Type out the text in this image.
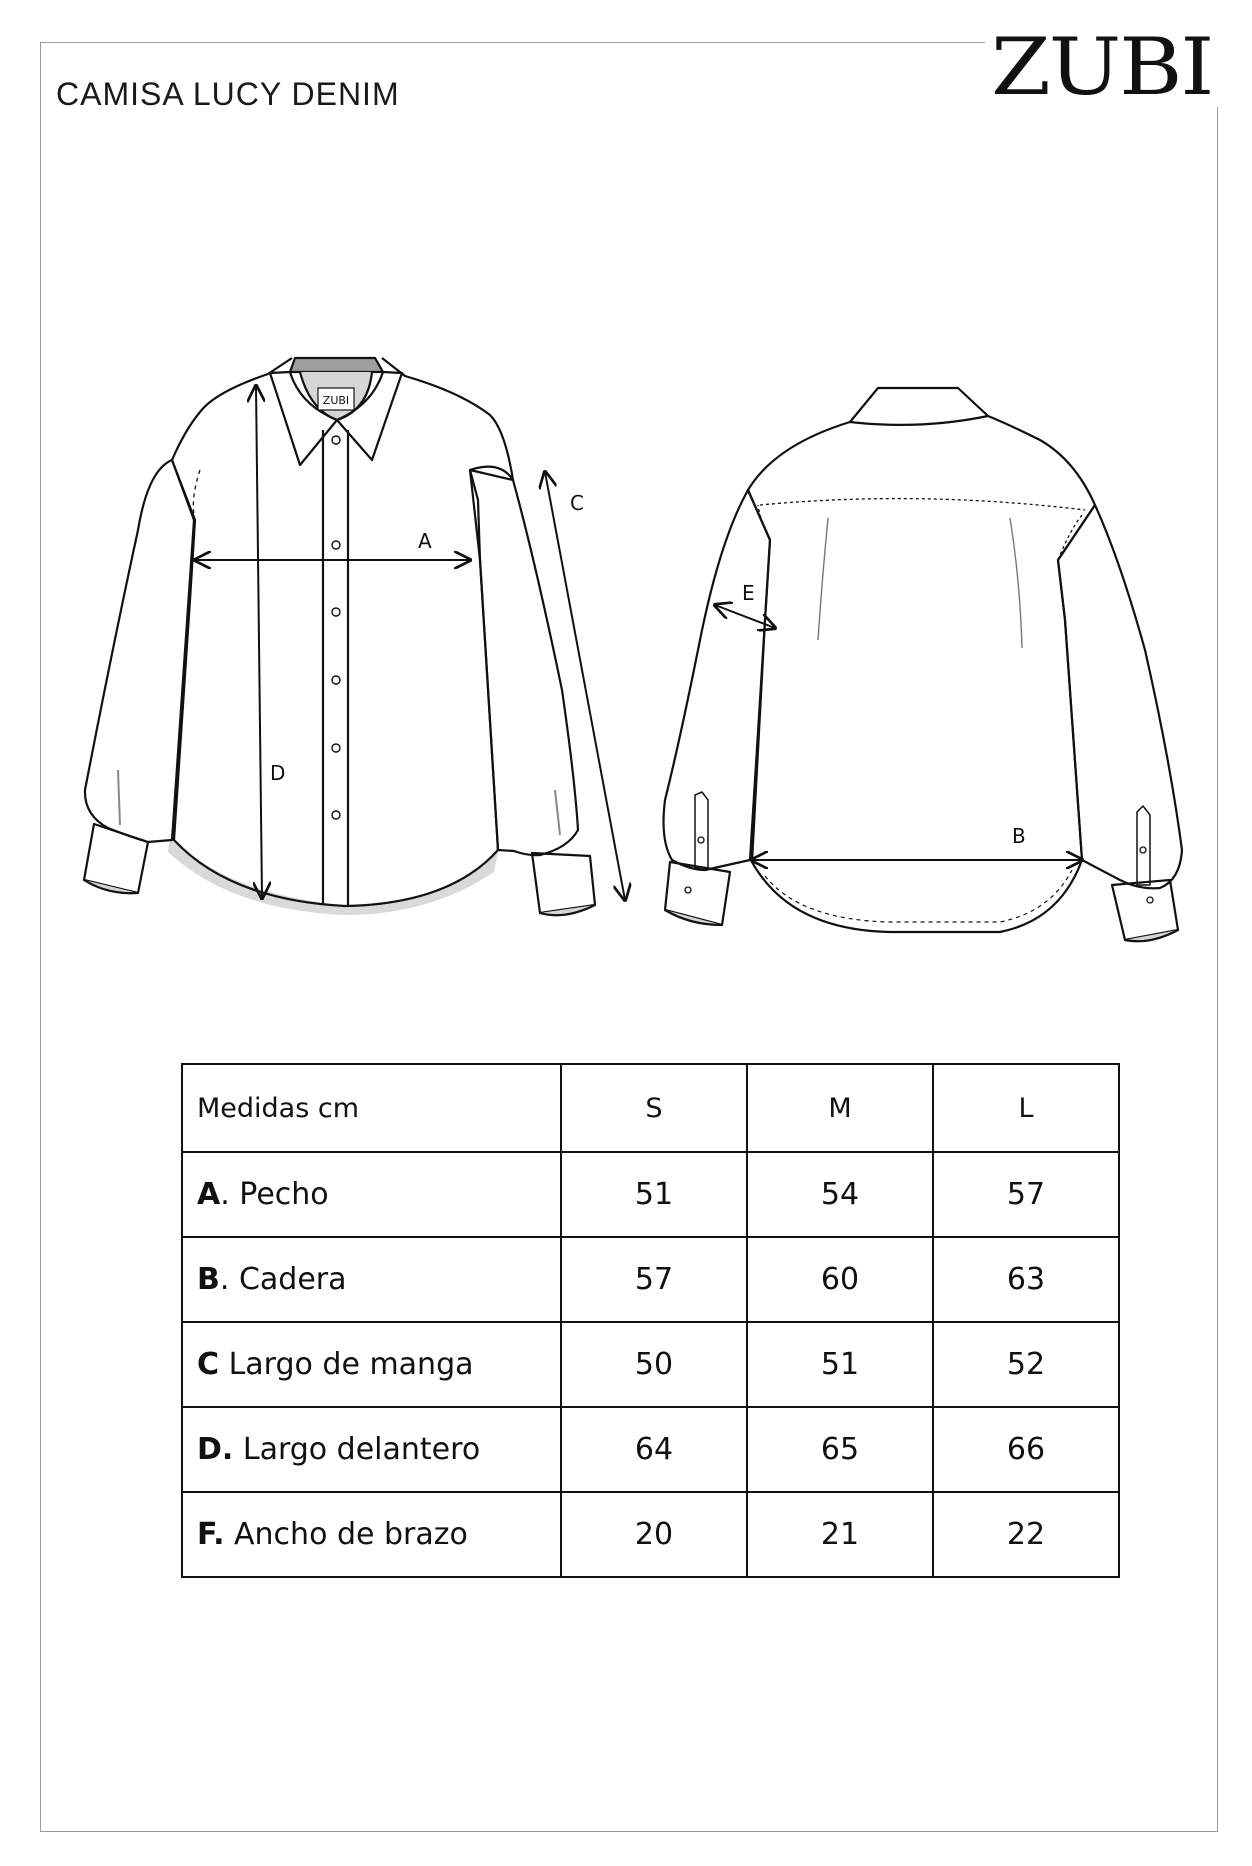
CAMISA LUCY DENIM	ZUBI
ZUBI
A
D
C
E
B
Medidas cm	S	M	L
A. Pecho	51	54	57
B. Cadera	57	60	63
C Largo de manga	50	51	52
D. Largo delantero	64	65	66
F. Ancho de brazo	20	21	22
